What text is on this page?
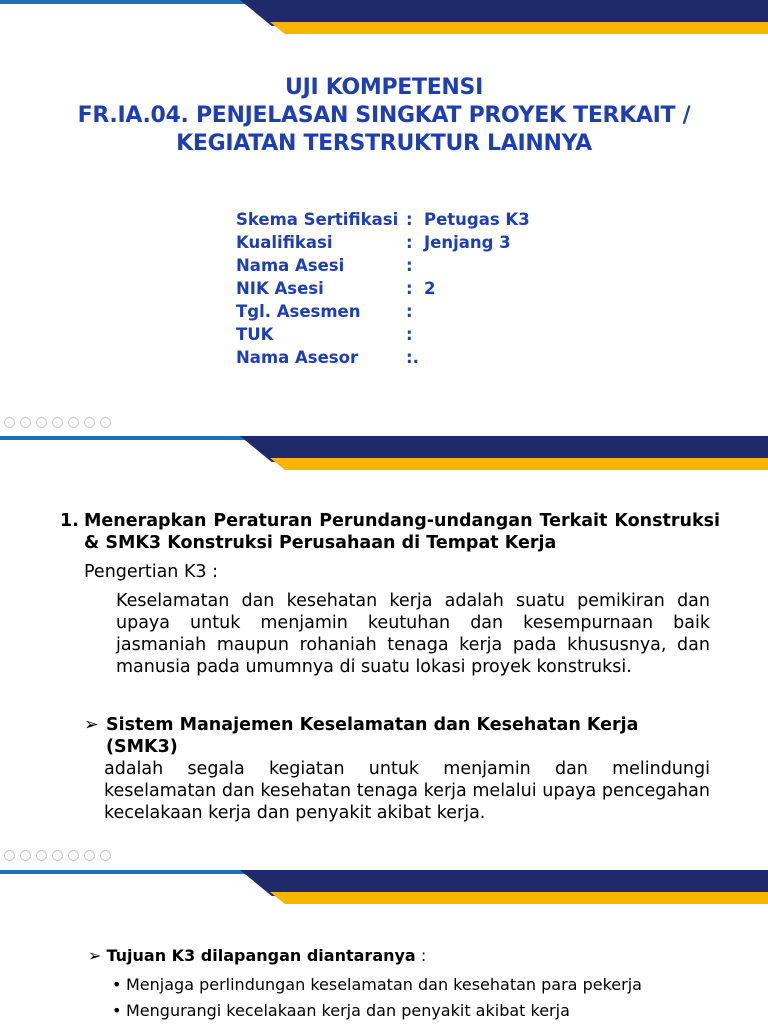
UJI KOMPETENSI
FR.IA.04. PENJELASAN SINGKAT PROYEK TERKAIT /
KEGIATAN TERSTRUKTUR LAINNYA
Skema Sertifikasi : Petugas K3
Kualifikasi	: Jenjang 3
Nama Asesi	:
NIK Asesi	: 2
Tgl. Asesmen	:
TUK	:
Nama Asesor	:.
1. Menerapkan Peraturan Perundang-undangan Terkait Konstruksi & SMK3 Konstruksi Perusahaan di Tempat Kerja
Pengertian K3 :
Keselamatan dan kesehatan kerja adalah suatu pemikiran dan upaya untuk menjamin keutuhan dan kesempurnaan baik jasmaniah maupun rohaniah tenaga kerja pada khususnya, dan manusia pada umumnya di suatu lokasi proyek konstruksi.
➢ Sistem Manajemen Keselamatan dan Kesehatan Kerja (SMK3)
adalah segala kegiatan untuk menjamin dan melindungi keselamatan dan kesehatan tenaga kerja melalui upaya pencegahan kecelakaan kerja dan penyakit akibat kerja.
➢ Tujuan K3 dilapangan diantaranya :
• Menjaga perlindungan keselamatan dan kesehatan para pekerja
• Mengurangi kecelakaan kerja dan penyakit akibat kerja
